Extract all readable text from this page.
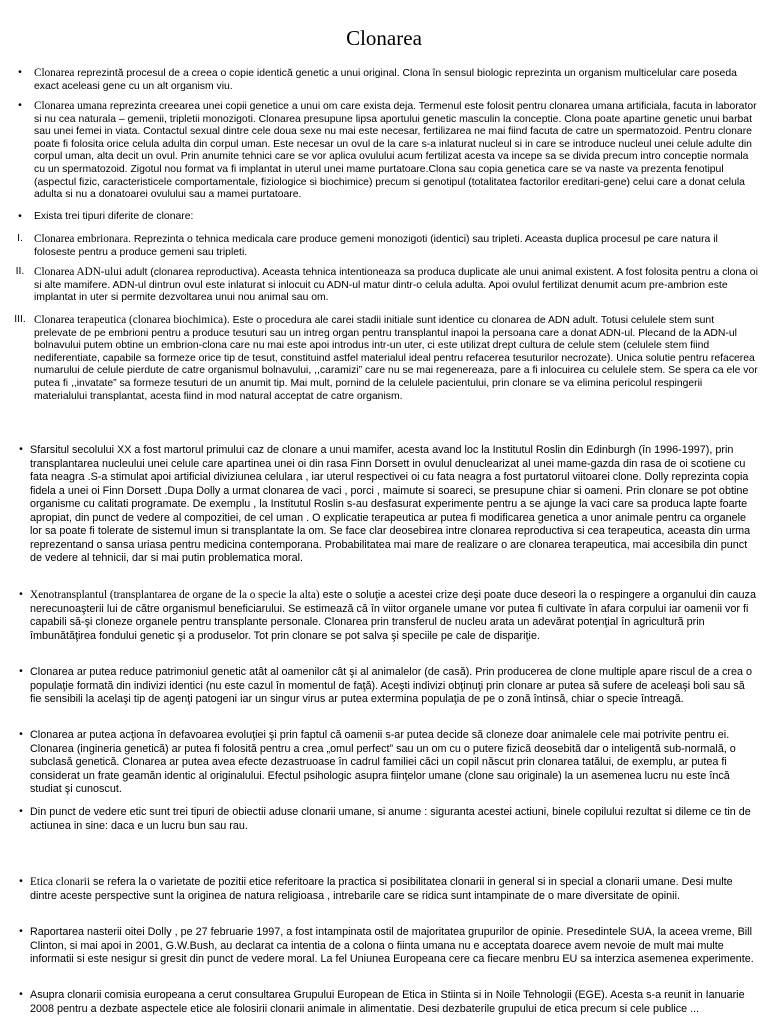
Clonarea
•	Clonarea reprezintă procesul de a creea o copie identică genetic a unui original. Clona în sensul biologic reprezinta un organism multicelular care poseda exact aceleasi gene cu un alt organism viu.
•	Clonarea umana reprezinta creearea unei copii genetice a unui om care exista deja. Termenul este folosit pentru clonarea umana artificiala, facuta in laborator si nu cea naturala – gemenii, tripletii monozigoti. Clonarea presupune lipsa aportului genetic masculin la conceptie. Clona poate apartine genetic unui barbat sau unei femei in viata. Contactul sexual dintre cele doua sexe nu mai este necesar, fertilizarea ne mai fiind facuta de catre un spermatozoid. Pentru clonare poate fi folosita orice celula adulta din corpul uman. Este necesar un ovul de la care s-a inlaturat nucleul si in care se introduce nucleul unei celule adulte din corpul uman, alta decit un ovul. Prin anumite tehnici care se vor aplica ovulului acum fertilizat acesta va incepe sa se divida precum intro conceptie normala cu un spermatozoid. Zigotul nou format va fi implantat in uterul unei mame purtatoare.Clona sau copia genetica care se va naste va prezenta fenotipul (aspectul fizic, caracteristicele comportamentale, fiziologice si biochimice) precum si genotipul (totalitatea factorilor ereditari-gene) celui care a donat celula adulta si nu a donatoarei ovulului sau a mamei purtatoare.
•	Exista trei tipuri diferite de clonare:
I. Clonarea embrionara. Reprezinta o tehnica medicala care produce gemeni monozigoti (identici) sau tripleti. Aceasta duplica procesul pe care natura il foloseste pentru a produce gemeni sau tripleti.
II. Clonarea ADN-ului adult (clonarea reproductiva). Aceasta tehnica intentioneaza sa produca duplicate ale unui animal existent. A fost folosita pentru a clona oi si alte mamifere. ADN-ul dintrun ovul este inlaturat si inlocuit cu ADN-ul matur dintr-o celula adulta. Apoi ovulul fertilizat denumit acum pre-ambrion este implantat in uter si permite dezvoltarea unui nou animal sau om.
III. Clonarea terapeutica (clonarea biochimica). Este o procedura ale carei stadii initiale sunt identice cu clonarea de ADN adult. Totusi celulele stem sunt prelevate de pe embrioni pentru a produce tesuturi sau un intreg organ pentru transplantul inapoi la persoana care a donat ADN-ul. Plecand de la ADN-ul bolnavului putem obtine un embrion-clona care nu mai este apoi introdus intr-un uter, ci este utilizat drept cultura de celule stem (celulele stem fiind nediferentiate, capabile sa formeze orice tip de tesut, constituind astfel materialul ideal pentru refacerea tesuturilor necrozate). Unica solutie pentru refacerea numarului de celule pierdute de catre organismul bolnavului, ,,caramizi” care nu se mai regenereaza, pare a fi inlocuirea cu celulele stem. Se spera ca ele vor putea fi ,,invatate” sa formeze tesuturi de un anumit tip. Mai mult, pornind de la celulele pacientului, prin clonare se va elimina pericolul respingerii materialului transplantat, acesta fiind in mod natural acceptat de catre organism.
• Sfarsitul secolului XX a fost martorul primului caz de clonare a unui mamifer, acesta avand loc la Institutul Roslin din Edinburgh (în 1996-1997), prin transplantarea nucleului unei celule care apartinea unei oi din rasa Finn Dorsett in ovulul denuclearizat al unei mame-gazda din rasa de oi scotiene cu fata neagra .S-a stimulat apoi artificial diviziunea celulara , iar uterul respectivei oi cu fata neagra a fost purtatorul viitoarei clone. Dolly reprezinta copia fidela a unei oi Finn Dorsett .Dupa Dolly a urmat clonarea de vaci , porci , maimute si soareci, se presupune chiar si oameni. Prin clonare se pot obtine organisme cu calitati programate. De exemplu , la Institutul Roslin s-au desfasurat experimente pentru a se ajunge la vaci care sa produca lapte foarte apropiat, din punct de vedere al compozitiei, de cel uman . O explicatie terapeutica ar putea fi modificarea genetica a unor animale pentru ca organele lor sa poate fi tolerate de sistemul imun si transplantate la om. Se face clar deosebirea intre clonarea reproductiva si cea terapeutica, aceasta din urma reprezentand o sansa uriasa pentru medicina contemporana. Probabilitatea mai mare de realizare o are clonarea terapeutica, mai accesibila din punct de vedere al tehnicii, dar si mai putin problematica moral.
• Xenotransplantul (transplantarea de organe de la o specie la alta) este o soluţie a acestei crize deşi poate duce deseori la o respingere a organului din cauza nerecunoaşterii lui de către organismul beneficiarului. Se estimează că în viitor organele umane vor putea fi cultivate în afara corpului iar oamenii vor fi capabili să-şi cloneze organele pentru transplante personale. Clonarea prin transferul de nucleu arata un adevărat potenţial în agricultură prin îmbunătăţirea fondului genetic şi a produselor. Tot prin clonare se pot salva şi speciile pe cale de dispariţie.
• Clonarea ar putea reduce patrimoniul genetic atât al oamenilor cât şi al animalelor (de casă). Prin producerea de clone multiple apare riscul de a crea o populaţie formată din indivizi identici (nu este cazul în momentul de faţă). Aceşti indivizi obţinuţi prin clonare ar putea să sufere de aceleaşi boli sau să fie sensibili la acelaşi tip de agenţi patogeni iar un singur virus ar putea extermina populaţia de pe o zonă întinsă, chiar o specie întreagă.
• Clonarea ar putea acţiona în defavoarea evoluţiei şi prin faptul că oamenii s-ar putea decide să cloneze doar animalele cele mai potrivite pentru ei. Clonarea (ingineria genetică) ar putea fi folosită pentru a crea „omul perfect” sau un om cu o putere fizică deosebită dar o inteligentă sub-normală, o subclasă genetică. Clonarea ar putea avea efecte dezastruoase în cadrul familiei căci un copil născut prin clonarea tatălui, de exemplu, ar putea fi considerat un frate geamăn identic al originalului. Efectul psihologic asupra fiinţelor umane (clone sau originale) la un asemenea lucru nu este încă studiat şi cunoscut.
• Din punct de vedere etic sunt trei tipuri de obiectii aduse clonarii umane, si anume : siguranta acestei actiuni, binele copilului rezultat si dileme ce tin de actiunea in sine: daca e un lucru bun sau rau.
• Etica clonarii se refera la o varietate de pozitii etice referitoare la practica si posibilitatea clonarii in general si in special a clonarii umane. Desi multe dintre aceste perspective sunt la originea de natura religioasa , intrebarile care se ridica sunt intampinate de o mare diversitate de opinii.
• Raportarea nasterii oitei Dolly , pe 27 februarie 1997, a fost intampinata ostil de majoritatea grupurilor de opinie. Presedintele SUA, la aceea vreme, Bill Clinton, si mai apoi in 2001, G.W.Bush, au declarat ca intentia de a colona o fiinta umana nu e acceptata doarece avem nevoie de mult mai multe informatii si este nesigur si gresit din punct de vedere moral. La fel Uniunea Europeana cere ca fiecare menbru EU sa interzica asemenea experimente.
• Asupra clonarii comisia europeana a cerut consultarea Grupului European de Etica in Stiinta si in Noile Tehnologii (EGE). Acesta s-a reunit in Ianuarie 2008 pentru a dezbate aspectele etice ale folosirii clonarii animale in alimentatie. Desi dezbaterile grupului de etica precum si cele publice ...
